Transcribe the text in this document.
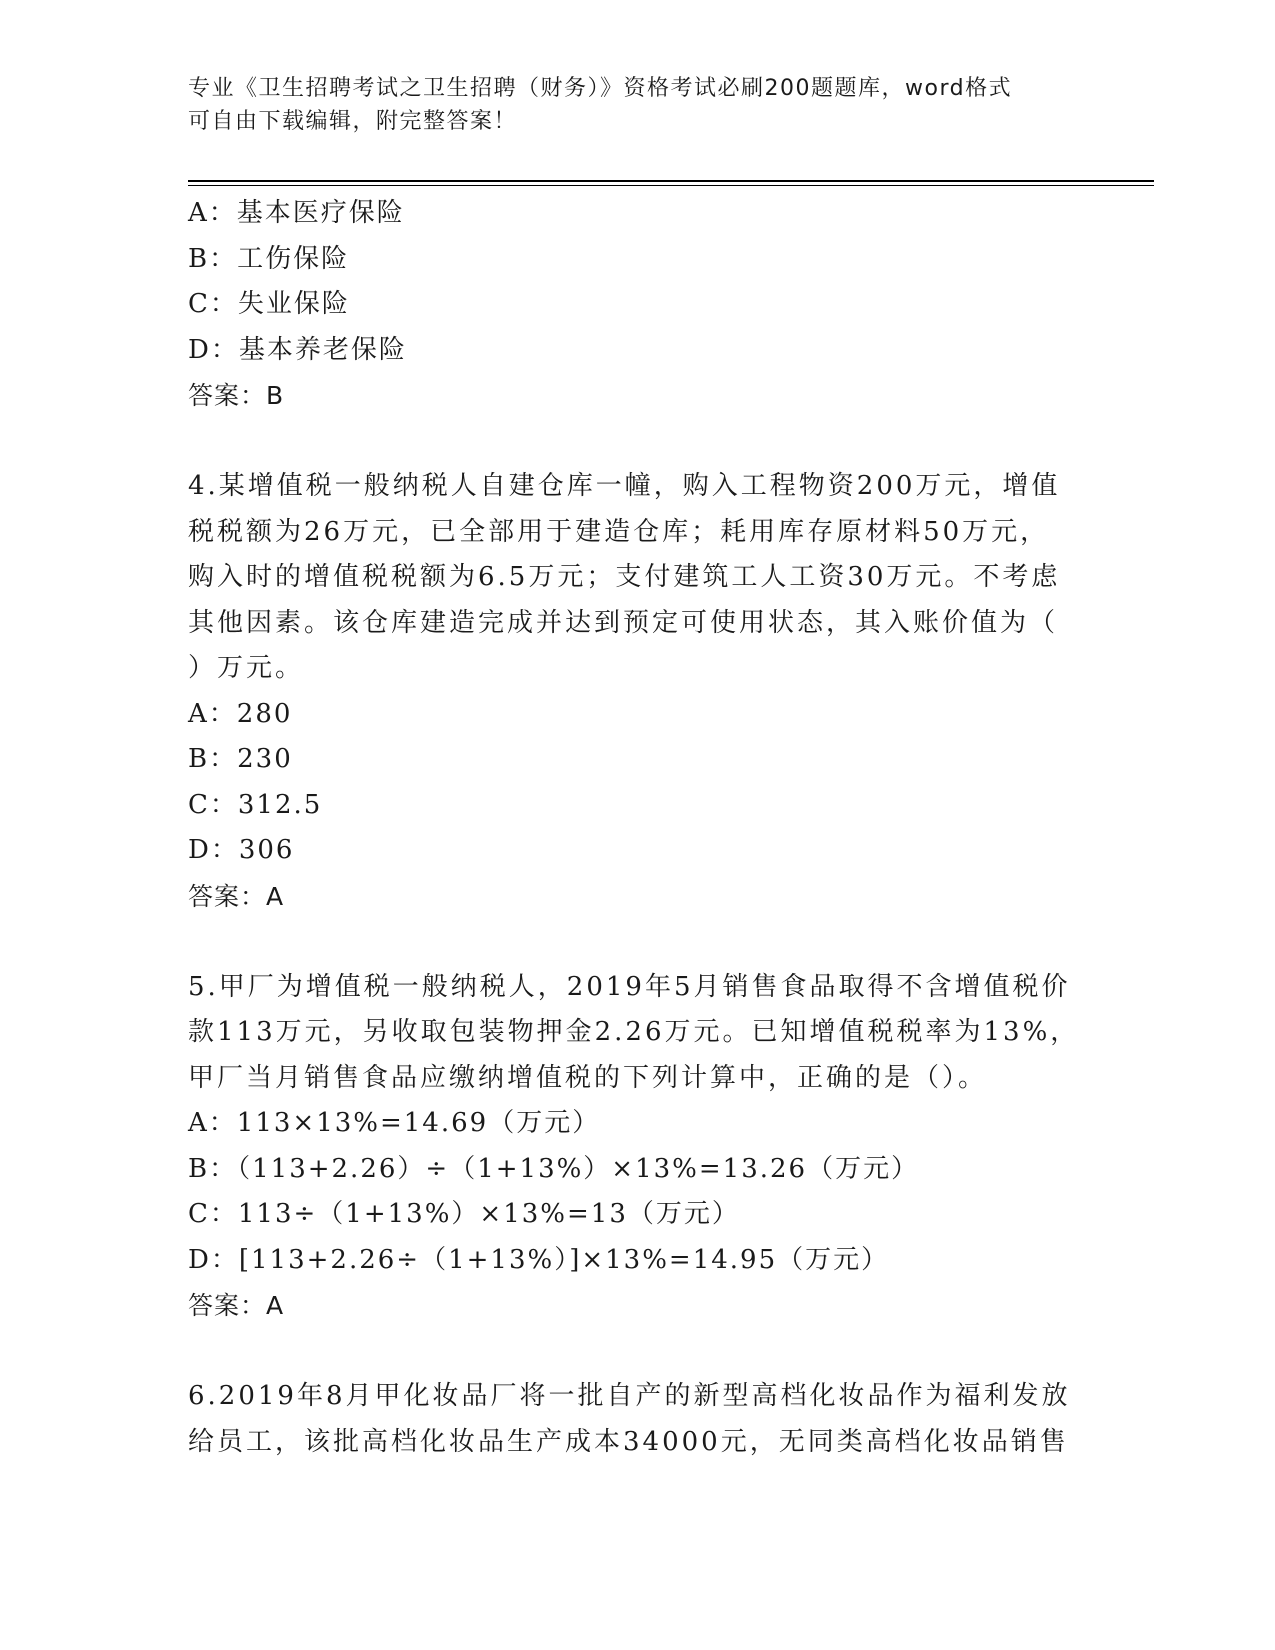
专业《卫生招聘考试之卫生招聘（财务）》资格考试必刷200题题库，word格式
可自由下载编辑，附完整答案！
A：基本医疗保险
B：工伤保险
C：失业保险
D：基本养老保险
答案：B
4.某增值税一般纳税人自建仓库一幢，购入工程物资200万元，增值
税税额为26万元，已全部用于建造仓库；耗用库存原材料50万元，
购入时的增值税税额为6.5万元；支付建筑工人工资30万元。不考虑
其他因素。该仓库建造完成并达到预定可使用状态，其入账价值为（
）万元。
A：280
B：230
C：312.5
D：306
答案：A
5.甲厂为增值税一般纳税人，2019年5月销售食品取得不含增值税价
款113万元，另收取包装物押金2.26万元。已知增值税税率为13%，
甲厂当月销售食品应缴纳增值税的下列计算中，正确的是（）。
A：113×13%=14.69（万元）
B：（113+2.26）÷（1+13%）×13%=13.26（万元）
C：113÷（1+13%）×13%=13（万元）
D：[113+2.26÷（1+13%）]×13%=14.95（万元）
答案：A
6.2019年8月甲化妆品厂将一批自产的新型高档化妆品作为福利发放
给员工，该批高档化妆品生产成本34000元，无同类高档化妆品销售
